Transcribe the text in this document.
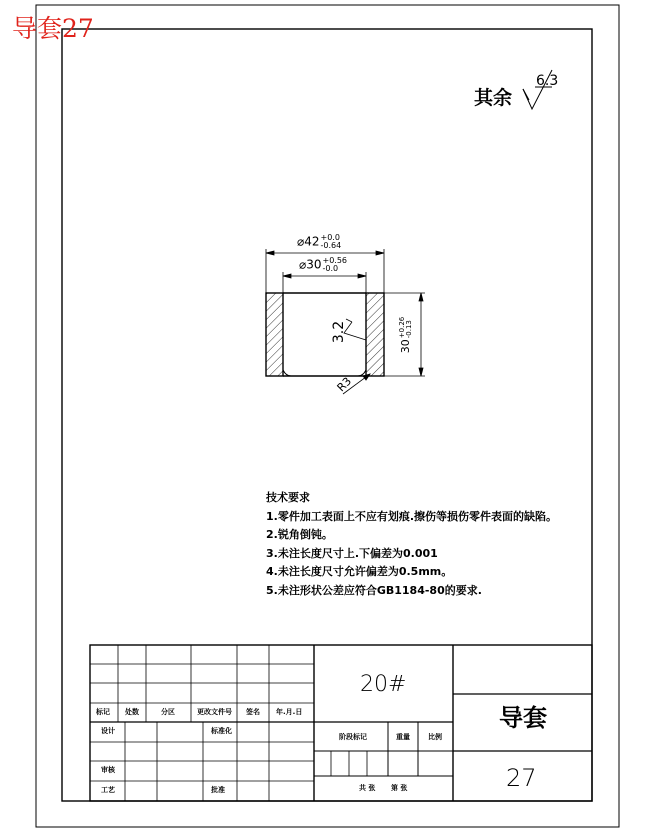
6.3
导套27
其余
⌀42 +0.0
-0.64
⌀30 +0.56
-0.0
30
+0.26 -0.13
3.2
R3
技术要求
1.零件加工表面上不应有划痕.擦伤等损伤零件表面的缺陷。
2.锐角倒钝。
3.未注长度尺寸上.下偏差为0.001
4.未注长度尺寸允许偏差为0.5mm。
5.未注形状公差应符合GB1184-80的要求.
20#
导套
27
标记 处数	分区	更改文件号 签名 年.月.日
设计	标准化
审核
工艺	批准
阶段标记	重量	比例
共 张 第 张
